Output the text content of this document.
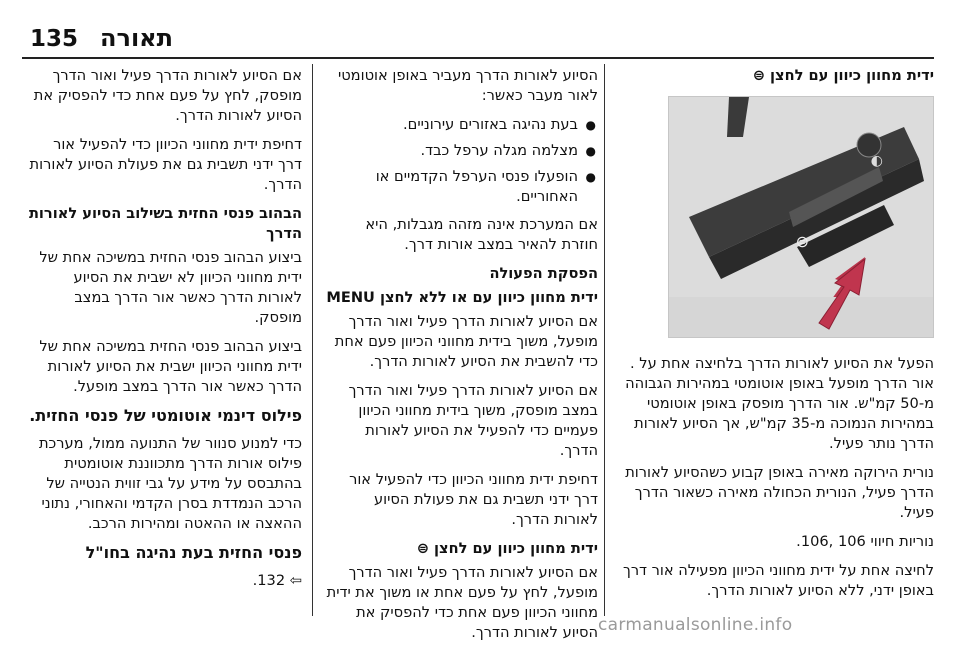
135 תאורה

ידית מחוון כיוון עם לחצן ⊜

◐
⊜

הפעל את הסיוע לאורות הדרך בלחיצה אחת על . אור הדרך מופעל באופן אוטומטי במהירות הגבוהה מ-50 קמ"ש. אור הדרך מופסק באופן אוטומטי במהירות הנמוכה מ-35 קמ"ש, אך הסיוע לאורות הדרך נותר פעיל.

נורית הירוקה מאירה באופן קבוע כשהסיוע לאורות הדרך פעיל, הנורית הכחולה מאירה כשאור הדרך פעיל.

נוריות חיווי ‎106, ‎106.

לחיצה אחת על ידית מחווני הכיוון מפעילה אור דרך באופן ידני, ללא הסיוע לאורות הדרך.

הסיוע לאורות הדרך מעביר באופן אוטומטי לאור מעבר כאשר:

● בעת נהיגה באזורים עירוניים.
● מצלמה מגלה ערפל כבד.
● הופעלו פנסי הערפל הקדמיים או האחוריים.

אם המערכת אינה מזהה מגבלות, היא חוזרת להאיר במצב אורות דרך.

הפסקת הפעולה

ידית מחוון כיוון עם או ללא לחצן MENU

אם הסיוע לאורות הדרך פעיל ואור הדרך מופעל, משוך בידית מחווני הכיוון פעם אחת כדי להשבית את הסיוע לאורות הדרך.

אם הסיוע לאורות הדרך פעיל ואור הדרך במצב מופסק, משוך בידית מחווני הכיוון פעמיים כדי להפעיל את הסיוע לאורות הדרך.

דחיפת ידית מחווני הכיוון כדי להפעיל אור דרך ידני תשבית גם את פעולת הסיוע לאורות הדרך.

ידית מחוון כיוון עם לחצן ⊜

אם הסיוע לאורות הדרך פעיל ואור הדרך מופעל, לחץ על פעם אחת או משוך את ידית מחווני הכיוון פעם אחת כדי להפסיק את הסיוע לאורות הדרך.

אם הסיוע לאורות הדרך פעיל ואור הדרך מופסק, לחץ על פעם אחת כדי להפסיק את הסיוע לאורות הדרך.

דחיפת ידית מחווני הכיוון כדי להפעיל אור דרך ידני תשבית גם את פעולת הסיוע לאורות הדרך.

הבהוב פנסי החזית בשילוב הסיוע לאורות הדרך

ביצוע הבהוב פנסי החזית במשיכה אחת של ידית מחווני הכיוון לא ישבית את הסיוע לאורות הדרך כאשר אור הדרך במצב מופסק.

ביצוע הבהוב פנסי החזית במשיכה אחת של ידית מחווני הכיוון ישבית את הסיוע לאורות הדרך כאשר אור הדרך במצב מופעל.

פילוס דינמי אוטומטי של פנסי החזית.

כדי למנוע סנוור של התנועה ממול, מערכת פילוס אורות הדרך מתכווננת אוטומטית בהתבסס על מידע על גבי זווית הנטייה של הרכב הנמדדת בסרן הקדמי והאחורי, נתוני ההאצה או ההאטה ומהירות הרכב.

פנסי החזית בעת נהיגה בחו"ל

⇦ ‎132.

carmanualsonline.info
